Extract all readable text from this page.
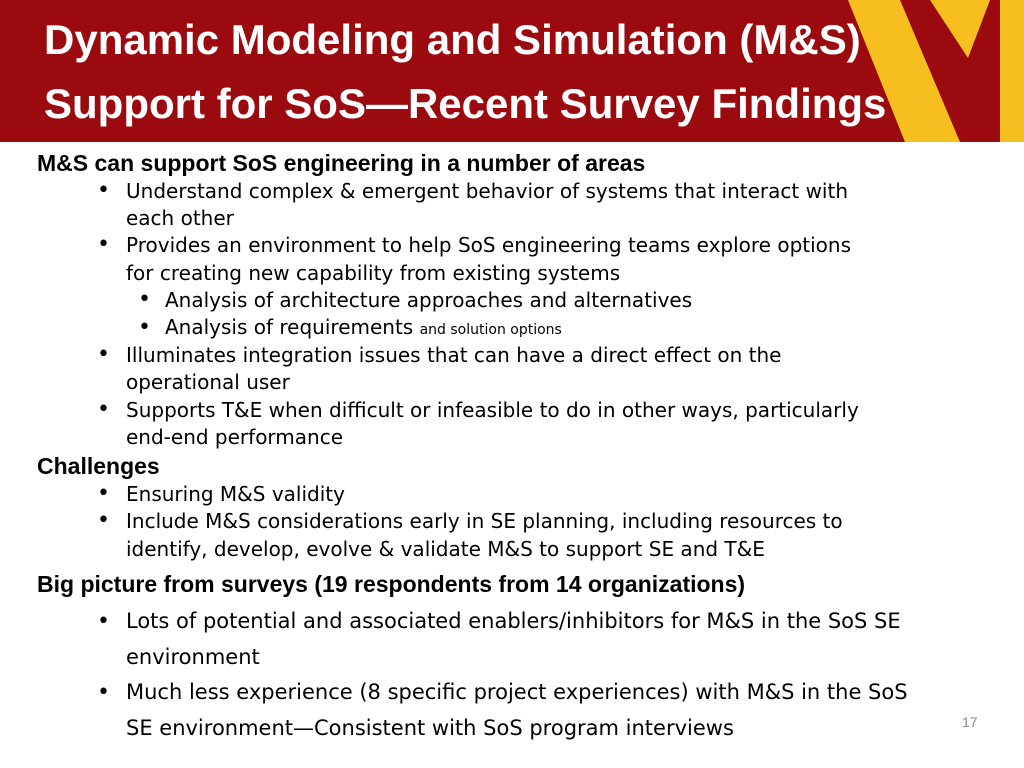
Dynamic Modeling and Simulation (M&S)
Support for SoS—Recent Survey Findings
M&S can support SoS engineering in a number of areas
• Understand complex & emergent behavior of systems that interact with
each other
• Provides an environment to help SoS engineering teams explore options
for creating new capability from existing systems
• Analysis of architecture approaches and alternatives
• Analysis of requirements and solution options
• Illuminates integration issues that can have a direct effect on the
operational user
• Supports T&E when difficult or infeasible to do in other ways, particularly
end-end performance
Challenges
• Ensuring M&S validity
• Include M&S considerations early in SE planning, including resources to
identify, develop, evolve & validate M&S to support SE and T&E
Big picture from surveys (19 respondents from 14 organizations)
• Lots of potential and associated enablers/inhibitors for M&S in the SoS SE
environment
• Much less experience (8 specific project experiences) with M&S in the SoS
SE environment—Consistent with SoS program interviews	17
